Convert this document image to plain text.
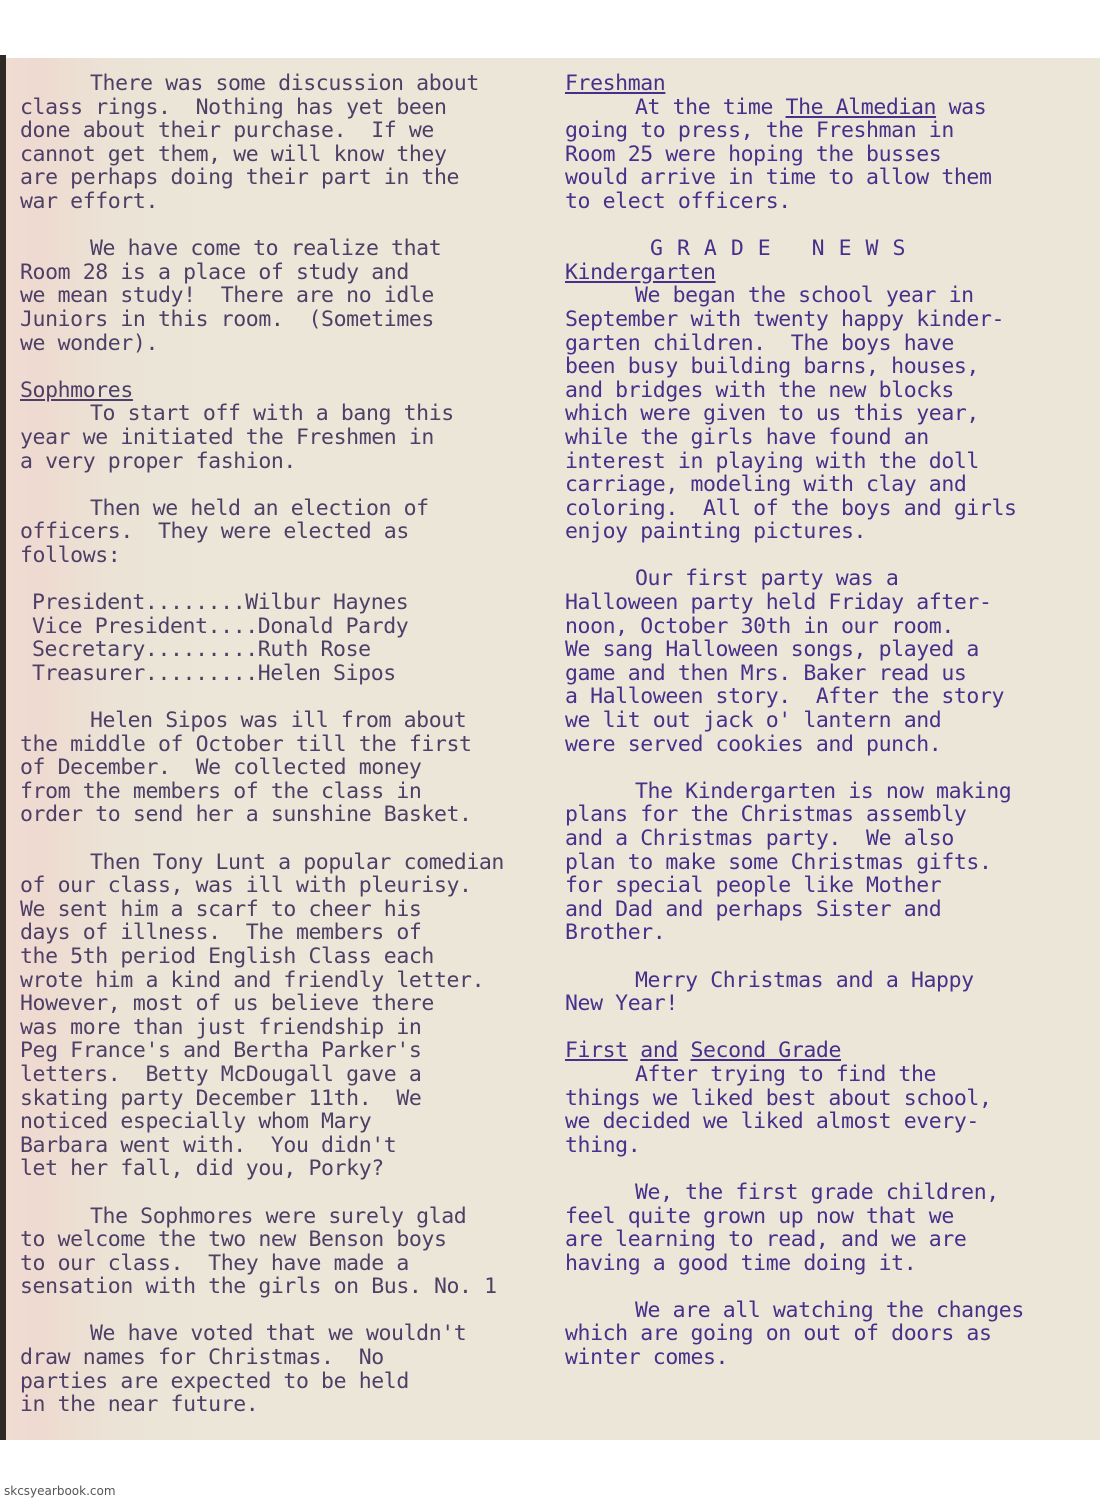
There was some discussion about
class rings.  Nothing has yet been
done about their purchase.  If we
cannot get them, we will know they
are perhaps doing their part in the
war effort.
We have come to realize that
Room 28 is a place of study and
we mean study!  There are no idle
Juniors in this room.  (Sometimes
we wonder).
Sophmores
To start off with a bang this
year we initiated the Freshmen in
a very proper fashion.
Then we held an election of
officers.  They were elected as
follows:
President........Wilbur Haynes
Vice President....Donald Pardy
Secretary.........Ruth Rose
Treasurer.........Helen Sipos
Helen Sipos was ill from about
the middle of October till the first
of December.  We collected money
from the members of the class in
order to send her a sunshine Basket.
Then Tony Lunt a popular comedian
of our class, was ill with pleurisy.
We sent him a scarf to cheer his
days of illness.  The members of
the 5th period English Class each
wrote him a kind and friendly letter.
However, most of us believe there
was more than just friendship in
Peg France's and Bertha Parker's
letters.  Betty McDougall gave a
skating party December 11th.  We
noticed especially whom Mary
Barbara went with.  You didn't
let her fall, did you, Porky?
The Sophmores were surely glad
to welcome the two new Benson boys
to our class.  They have made a
sensation with the girls on Bus. No. 1
We have voted that we wouldn't
draw names for Christmas.  No
parties are expected to be held
in the near future.
Freshman
At the time The Almedian was
going to press, the Freshman in
Room 25 were hoping the busses
would arrive in time to allow them
to elect officers.
GRADE NEWS
Kindergarten
We began the school year in
September with twenty happy kinder-
garten children.  The boys have
been busy building barns, houses,
and bridges with the new blocks
which were given to us this year,
while the girls have found an
interest in playing with the doll
carriage, modeling with clay and
coloring.  All of the boys and girls
enjoy painting pictures.
Our first party was a
Halloween party held Friday after-
noon, October 30th in our room.
We sang Halloween songs, played a
game and then Mrs. Baker read us
a Halloween story.  After the story
we lit out jack o' lantern and
were served cookies and punch.
The Kindergarten is now making
plans for the Christmas assembly
and a Christmas party.  We also
plan to make some Christmas gifts.
for special people like Mother
and Dad and perhaps Sister and
Brother.
Merry Christmas and a Happy
New Year!
First and Second Grade
After trying to find the
things we liked best about school,
we decided we liked almost every-
thing.
We, the first grade children,
feel quite grown up now that we
are learning to read, and we are
having a good time doing it.
We are all watching the changes
which are going on out of doors as
winter comes.
skcsyearbook.com
